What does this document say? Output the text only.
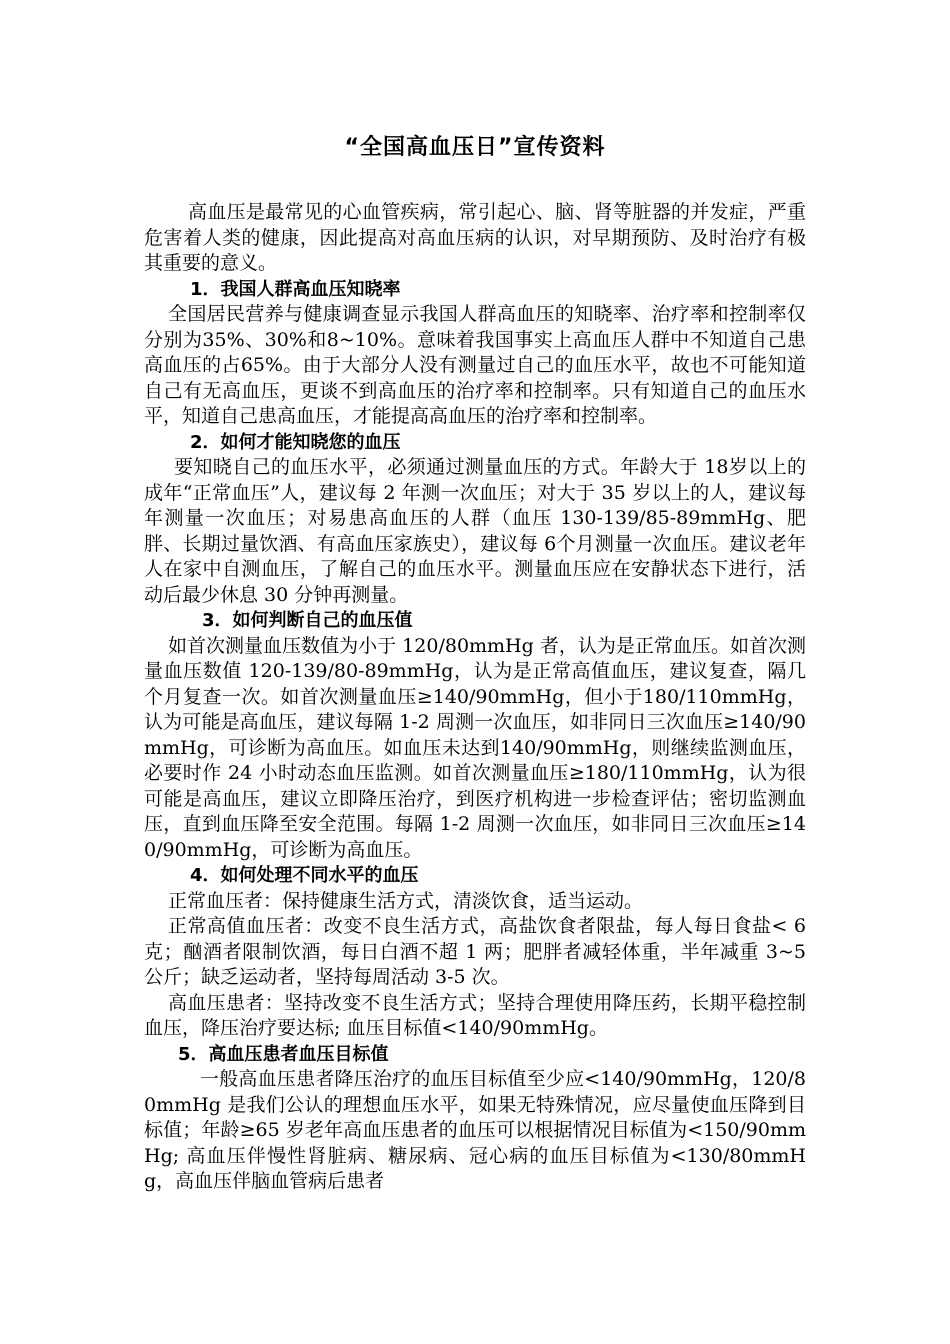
“全国高血压日”宣传资料

高血压是最常见的心血管疾病，常引起心、脑、肾等脏器的并发症，严重危害着人类的健康，因此提高对高血压病的认识，对早期预防、及时治疗有极其重要的意义。

1．我国人群高血压知晓率

全国居民营养与健康调查显示我国人群高血压的知晓率、治疗率和控制率仅分别为35%、30%和8~10%。意味着我国事实上高血压人群中不知道自己患高血压的占65%。由于大部分人没有测量过自己的血压水平，故也不可能知道自己有无高血压，更谈不到高血压的治疗率和控制率。只有知道自己的血压水平，知道自己患高血压，才能提高高血压的治疗率和控制率。

2．如何才能知晓您的血压

要知晓自己的血压水平，必须通过测量血压的方式。年龄大于 18岁以上的成年“正常血压”人，建议每 2 年测一次血压；对大于 35 岁以上的人，建议每年测量一次血压；对易患高血压的人群（血压 130-139/85-89mmHg、肥胖、长期过量饮酒、有高血压家族史），建议每 6个月测量一次血压。建议老年人在家中自测血压，了解自己的血压水平。测量血压应在安静状态下进行，活动后最少休息 30 分钟再测量。

3．如何判断自己的血压值

如首次测量血压数值为小于 120/80mmHg 者，认为是正常血压。如首次测量血压数值 120-139/80-89mmHg，认为是正常高值血压，建议复查，隔几个月复查一次。如首次测量血压≥140/90mmHg，但小于180/110mmHg，认为可能是高血压，建议每隔 1-2 周测一次血压，如非同日三次血压≥140/90mmHg，可诊断为高血压。如血压未达到140/90mmHg，则继续监测血压，必要时作 24 小时动态血压监测。如首次测量血压≥180/110mmHg，认为很可能是高血压，建议立即降压治疗，到医疗机构进一步检查评估；密切监测血压，直到血压降至安全范围。每隔 1-2 周测一次血压，如非同日三次血压≥140/90mmHg，可诊断为高血压。

4．如何处理不同水平的血压

正常血压者：保持健康生活方式，清淡饮食，适当运动。

正常高值血压者：改变不良生活方式，高盐饮食者限盐，每人每日食盐< 6 克；酗酒者限制饮酒，每日白酒不超 1 两；肥胖者减轻体重，半年减重 3~5 公斤；缺乏运动者，坚持每周活动 3-5 次。

高血压患者：坚持改变不良生活方式；坚持合理使用降压药，长期平稳控制血压，降压治疗要达标; 血压目标值<140/90mmHg。

5．高血压患者血压目标值

一般高血压患者降压治疗的血压目标值至少应<140/90mmHg，120/80mmHg 是我们公认的理想血压水平，如果无特殊情况，应尽量使血压降到目标值；年龄≥65 岁老年高血压患者的血压可以根据情况目标值为<150/90mmHg; 高血压伴慢性肾脏病、糖尿病、冠心病的血压目标值为<130/80mmHg，高血压伴脑血管病后患者
